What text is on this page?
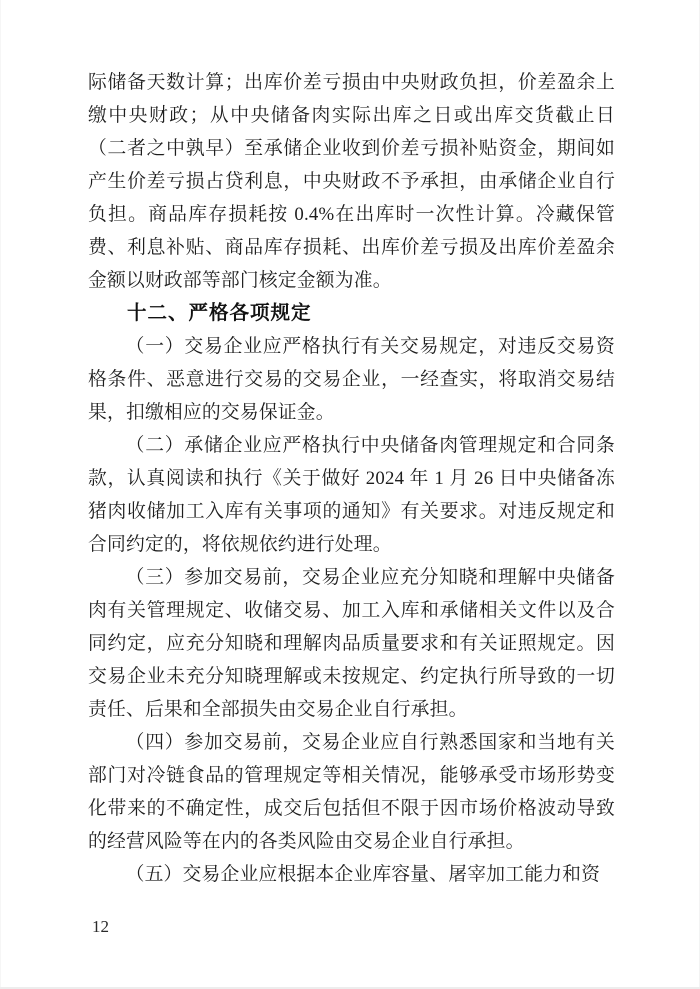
际储备天数计算；出库价差亏损由中央财政负担，价差盈余上缴中央财政；从中央储备肉实际出库之日或出库交货截止日（二者之中孰早）至承储企业收到价差亏损补贴资金，期间如产生价差亏损占贷利息，中央财政不予承担，由承储企业自行负担。商品库存损耗按 0.4%在出库时一次性计算。冷藏保管费、利息补贴、商品库存损耗、出库价差亏损及出库价差盈余金额以财政部等部门核定金额为准。

十二、严格各项规定

（一）交易企业应严格执行有关交易规定，对违反交易资格条件、恶意进行交易的交易企业，一经查实，将取消交易结果，扣缴相应的交易保证金。

（二）承储企业应严格执行中央储备肉管理规定和合同条款，认真阅读和执行《关于做好 2024 年 1 月 26 日中央储备冻猪肉收储加工入库有关事项的通知》有关要求。对违反规定和合同约定的，将依规依约进行处理。

（三）参加交易前，交易企业应充分知晓和理解中央储备肉有关管理规定、收储交易、加工入库和承储相关文件以及合同约定，应充分知晓和理解肉品质量要求和有关证照规定。因交易企业未充分知晓理解或未按规定、约定执行所导致的一切责任、后果和全部损失由交易企业自行承担。

（四）参加交易前，交易企业应自行熟悉国家和当地有关部门对冷链食品的管理规定等相关情况，能够承受市场形势变化带来的不确定性，成交后包括但不限于因市场价格波动导致的经营风险等在内的各类风险由交易企业自行承担。

（五）交易企业应根据本企业库容量、屠宰加工能力和资

12
